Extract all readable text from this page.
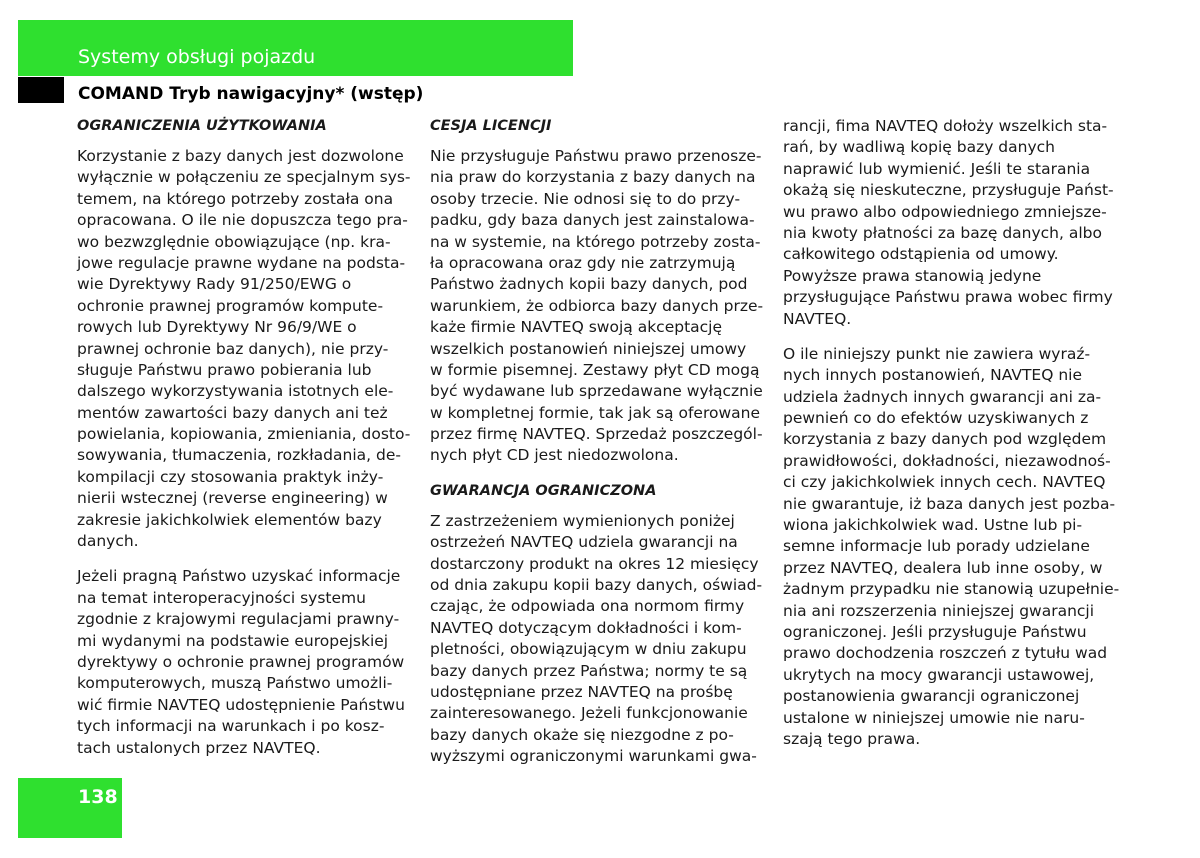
Systemy obsługi pojazdu
COMAND Tryb nawigacyjny* (wstęp)
OGRANICZENIA UŻYTKOWANIA
Korzystanie z bazy danych jest dozwolone
wyłącznie w połączeniu ze specjalnym sys-
temem, na którego potrzeby została ona
opracowana. O ile nie dopuszcza tego pra-
wo bezwzględnie obowiązujące (np. kra-
jowe regulacje prawne wydane na podsta-
wie Dyrektywy Rady 91/250/EWG o
ochronie prawnej programów kompute-
rowych lub Dyrektywy Nr 96/9/WE o
prawnej ochronie baz danych), nie przy-
sługuje Państwu prawo pobierania lub
dalszego wykorzystywania istotnych ele-
mentów zawartości bazy danych ani też
powielania, kopiowania, zmieniania, dosto-
sowywania, tłumaczenia, rozkładania, de-
kompilacji czy stosowania praktyk inży-
nierii wstecznej (reverse engineering) w
zakresie jakichkolwiek elementów bazy
danych.
Jeżeli pragną Państwo uzyskać informacje
na temat interoperacyjności systemu
zgodnie z krajowymi regulacjami prawny-
mi wydanymi na podstawie europejskiej
dyrektywy o ochronie prawnej programów
komputerowych, muszą Państwo umożli-
wić firmie NAVTEQ udostępnienie Państwu
tych informacji na warunkach i po kosz-
tach ustalonych przez NAVTEQ.
CESJA LICENCJI
Nie przysługuje Państwu prawo przenosze-
nia praw do korzystania z bazy danych na
osoby trzecie. Nie odnosi się to do przy-
padku, gdy baza danych jest zainstalowa-
na w systemie, na którego potrzeby zosta-
ła opracowana oraz gdy nie zatrzymują
Państwo żadnych kopii bazy danych, pod
warunkiem, że odbiorca bazy danych prze-
każe firmie NAVTEQ swoją akceptację
wszelkich postanowień niniejszej umowy
w formie pisemnej. Zestawy płyt CD mogą
być wydawane lub sprzedawane wyłącznie
w kompletnej formie, tak jak są oferowane
przez firmę NAVTEQ. Sprzedaż poszczegól-
nych płyt CD jest niedozwolona.
GWARANCJA OGRANICZONA
Z zastrzeżeniem wymienionych poniżej
ostrzeżeń NAVTEQ udziela gwarancji na
dostarczony produkt na okres 12 miesięcy
od dnia zakupu kopii bazy danych, oświad-
czając, że odpowiada ona normom firmy
NAVTEQ dotyczącym dokładności i kom-
pletności, obowiązującym w dniu zakupu
bazy danych przez Państwa; normy te są
udostępniane przez NAVTEQ na prośbę
zainteresowanego. Jeżeli funkcjonowanie
bazy danych okaże się niezgodne z po-
wyższymi ograniczonymi warunkami gwa-
rancji, fima NAVTEQ dołoży wszelkich sta-
rań, by wadliwą kopię bazy danych
naprawić lub wymienić. Jeśli te starania
okażą się nieskuteczne, przysługuje Państ-
wu prawo albo odpowiedniego zmniejsze-
nia kwoty płatności za bazę danych, albo
całkowitego odstąpienia od umowy.
Powyższe prawa stanowią jedyne
przysługujące Państwu prawa wobec firmy
NAVTEQ.
O ile niniejszy punkt nie zawiera wyraź-
nych innych postanowień, NAVTEQ nie
udziela żadnych innych gwarancji ani za-
pewnień co do efektów uzyskiwanych z
korzystania z bazy danych pod względem
prawidłowości, dokładności, niezawodnoś-
ci czy jakichkolwiek innych cech. NAVTEQ
nie gwarantuje, iż baza danych jest pozba-
wiona jakichkolwiek wad. Ustne lub pi-
semne informacje lub porady udzielane
przez NAVTEQ, dealera lub inne osoby, w
żadnym przypadku nie stanowią uzupełnie-
nia ani rozszerzenia niniejszej gwarancji
ograniczonej. Jeśli przysługuje Państwu
prawo dochodzenia roszczeń z tytułu wad
ukrytych na mocy gwarancji ustawowej,
postanowienia gwarancji ograniczonej
ustalone w niniejszej umowie nie naru-
szają tego prawa.
138
